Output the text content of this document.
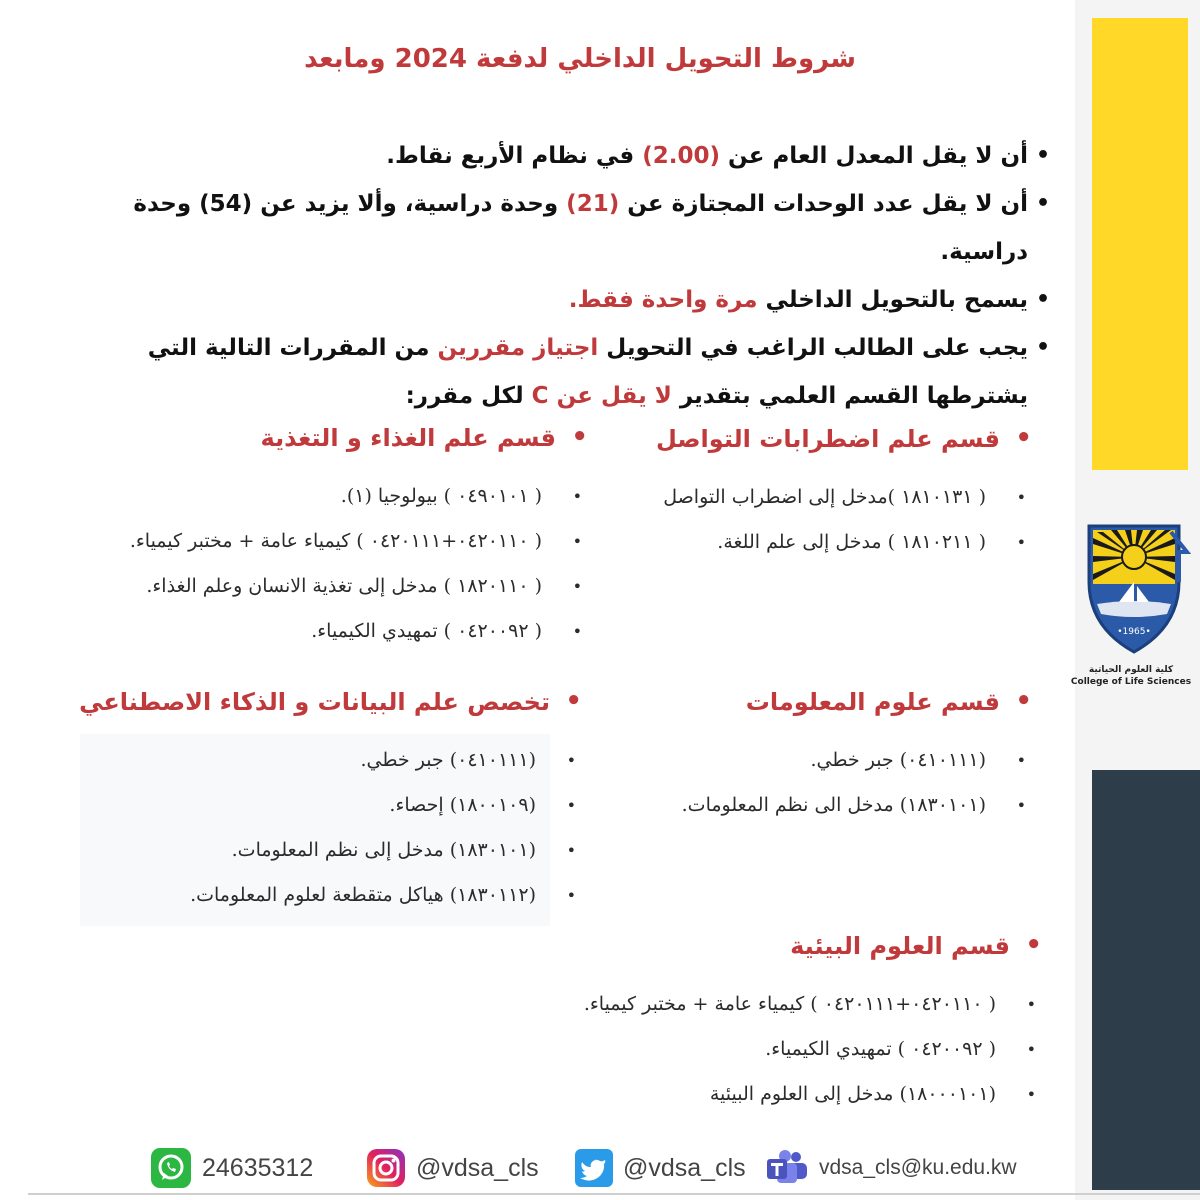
•1965•
كلية العلوم الحياتية
College of Life Sciences
شروط التحويل الداخلي لدفعة 2024 ومابعد
• أن لا يقل المعدل العام عن (2.00) في نظام الأربع نقاط.
• أن لا يقل عدد الوحدات المجتازة عن (21) وحدة دراسية، وألا يزيد عن (54) وحدة دراسية.
• يسمح بالتحويل الداخلي مرة واحدة فقط.
• يجب على الطالب الراغب في التحويل اجتياز مقررين من المقررات التالية التي يشترطها القسم العلمي بتقدير لا يقل عن C لكل مقرر:
• قسم علم اضطرابات التواصل
• ( ١٨١٠١٣١ )مدخل إلى اضطراب التواصل
• ( ١٨١٠٢١١ ) مدخل إلى علم اللغة.
• قسم علم الغذاء و التغذية
• ( ٠٤٩٠١٠١ ) بيولوجيا (١).
• ( ٠٤٢٠١١٠+٠٤٢٠١١١ ) كيمياء عامة + مختبر كيمياء.
• ( ١٨٢٠١١٠ ) مدخل إلى تغذية الانسان وعلم الغذاء.
• ( ٠٤٢٠٠٩٢ ) تمهيدي الكيمياء.
• قسم علوم المعلومات
• (٠٤١٠١١١) جبر خطي.
• (١٨٣٠١٠١) مدخل الى نظم المعلومات.
• تخصص علم البيانات و الذكاء الاصطناعي
• (٠٤١٠١١١) جبر خطي.
• (١٨٠٠١٠٩) إحصاء.
• (١٨٣٠١٠١) مدخل إلى نظم المعلومات.
• (١٨٣٠١١٢) هياكل متقطعة لعلوم المعلومات.
• قسم العلوم البيئية
• ( ٠٤٢٠١١٠+٠٤٢٠١١١ ) كيمياء عامة + مختبر كيمياء.
• ( ٠٤٢٠٠٩٢ ) تمهيدي الكيمياء.
• (١٨٠٠٠١٠١) مدخل إلى العلوم البيئية
24635312	@vdsa_cls	@vdsa_cls	vdsa_cls@ku.edu.kw
